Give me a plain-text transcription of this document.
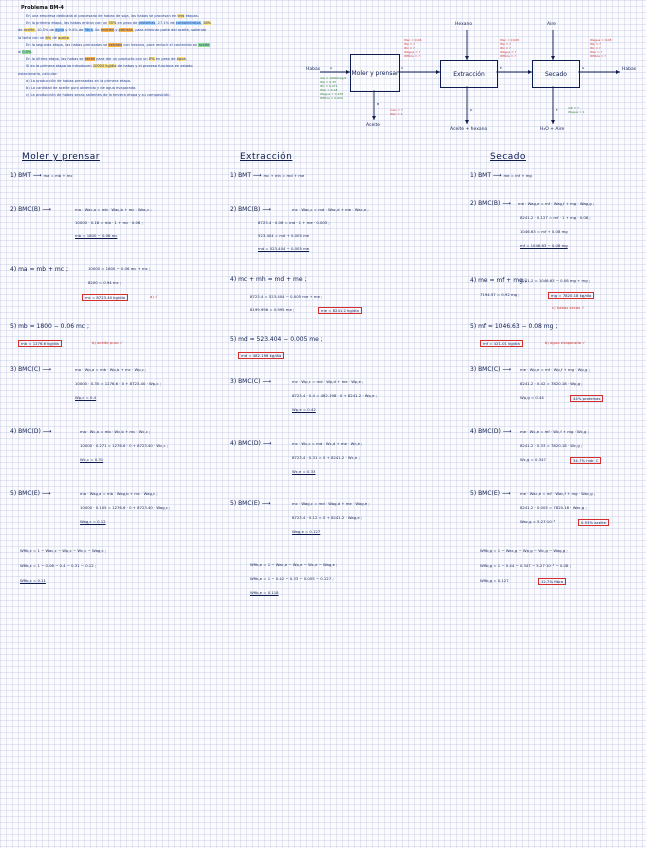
Problema BM-4

En una empresa dedicada al procesado de habas de soja, las habas se procesan en tres etapas.

En la primera etapa, las habas entran con un 35% en peso de proteínas, 27.1% de carbohidratos, 18%

de aceite, 10.5% de agua y 9.4% de fibra. Se muelen y prensan, para eliminar parte del aceite, saliendo

la torta con un 6% de aceite.

En la segunda etapa, las habas prensadas se extraen con hexano, para reducir el contenido en aceite

al 0.5%.

En la última etapa, las habas se secan para dar un producto con un 8% en peso de agua.

Si en la primera etapa se introducen 10000 kg/día de habas y el proceso funciona en estado

estacionario, calcular:

a) La producción de habas prensadas en la primera etapa.

b) La cantidad de aceite puro obtenido y de agua evaporada.

c) La producción de habas secas salientes de la tercera etapa y su composición.

Moler y prensar	Extracción	Secado
Hexano	Aire
Aceite
Aceite + hexano	H₂O + Aire
Habas	Habas
A	C	E	G
B
D	F
ma = 10000 kg/d
Wp = 0.35
Wc = 0.271
Wac = 0.18
Wagua = 0.105
Wfibra = 0.094
Wac = 0.06
Wp = ?
Wc = ?
Wagua = ?
Wfibra = ?
Wac = 0.005
Wp = ?
Wc = ?
Wagua = ?
Wfibra = ?
Wagua = 0.08
Wp = ?
Wc = ?
Wac = ?
Wfibra = ?
mac = ?
Wac = 1
mE = ?
Wagua = 1
Moler y prensar
1) BMT ⟶ ma = mb + mc
2) BMC(B) ⟶	ma · Wac,a = mb · Wac,b + mc · Wac,c ;
10000 · 0.18 = mb · 1 + mc · 0.06 ;
mb = 1800 − 0.06 mc
4) ma = mb + mc ;	10000 = 1800 − 0.06 mc + mc ;
8200 = 0.94 mc ;
mc = 8723.40 kg/día	a) ✓
5) mb = 1800 − 0.06 mc ;
mb = 1276.6 kg/día	b) aceite puro ✓
3) BMC(C) ⟶	ma · Wp,a = mb · Wp,b + mc · Wp,c ;
10000 · 0.35 = 1276.6 · 0 + 8723.40 · Wp,c ;
Wp,c = 0.4
4) BMC(D) ⟶	ma · Wc,a = mb · Wc,b + mc · Wc,c ;
10000 · 0.271 = 1276.6 · 0 + 8723.40 · Wc,c ;
Wc,c = 0.31
5) BMC(E) ⟶	ma · Wag,a = mb · Wag,b + mc · Wag,c ;
10000 · 0.105 = 1276.6 · 0 + 8723.40 · Wag,c ;
Wag,c = 0.12
Wfib,c = 1 − Wac,c − Wp,c − Wc,c − Wag,c ;
Wfib,c = 1 − 0.06 − 0.4 − 0.31 − 0.12 ;
Wfib,c = 0.11
Extracción
1) BMT ⟶ mc + mh = md + me
2) BMC(B) ⟶	mc · Wac,c = md · Wac,d + me · Wac,e ;
8723.4 · 0.06 = md · 1 + me · 0.005 ;
523.404 = md + 0.005 me
md = 523.404 − 0.005 me
4) mc + mh = md + me ;
8723.4 = 523.404 − 0.005 me + me ;
8199.996 = 0.995 me ;	me = 8241.2 kg/día
5) md = 523.404 − 0.005 me ;
md = 482.198 kg/día
3) BMC(C) ⟶	mc · Wp,c = md · Wp,d + me · Wp,e ;
8723.4 · 0.4 = 482.198 · 0 + 8241.2 · Wp,e ;
Wp,e = 0.42
4) BMC(D) ⟶	mc · Wc,c = md · Wc,d + me · Wc,e ;
8723.4 · 0.31 = 0 + 8241.2 · Wc,e ;
Wc,e = 0.33
5) BMC(E) ⟶	mc · Wag,c = md · Wag,d + me · Wag,e ;
8723.4 · 0.12 = 0 + 8241.2 · Wag,e ;
Wag,e = 0.127
Wfib,e = 1 − Wac,e − Wp,e − Wc,e − Wag,e ;
Wfib,e = 1 − 0.42 − 0.33 − 0.005 − 0.127 ;
Wfib,e = 0.118
Secado
1) BMT ⟶ me = mf + mg
2) BMC(B) ⟶ me · Wag,e = mf · Wag,f + mg · Wag,g ;
8241.2 · 0.127 = mf · 1 + mg · 0.08 ;
1046.63 = mf + 0.08 mg
mf = 1046.63 − 0.08 mg
4) me = mf + mg ;
8241.2 = 1046.63 − 0.08 mg + mg ;
7194.57 = 0.92 mg ;	mg = 7820.18 kg/día
c) habas secas ✓
5) mf = 1046.63 − 0.08 mg ;
mf = 421.01 kg/día	b) agua evaporada ✓
3) BMC(C) ⟶ me · Wp,e = mf · Wp,f + mg · Wp,g ;
8241.2 · 0.42 = 7820.18 · Wp,g ;
Wp,g = 0.44	44% proteínas
4) BMC(D) ⟶ me · Wc,e = mf · Wc,f + mg · Wc,g ;
8241.2 · 0.33 = 7820.18 · Wc,g ;
Wc,g = 0.347	34.7% hidr. C
5) BMC(E) ⟶ me · Wac,e = mf · Wac,f + mg · Wac,g ;
8241.2 · 0.005 = 7820.18 · Wac,g ;
Wac,g = 5.27·10⁻³	0.53% aceite
Wfib,g = 1 − Wac,g − Wp,g − Wc,g − Wag,g ;
Wfib,g = 1 − 0.44 − 0.347 − 5.27·10⁻³ − 0.08 ;
Wfib,g = 0.127	12.7% fibra
